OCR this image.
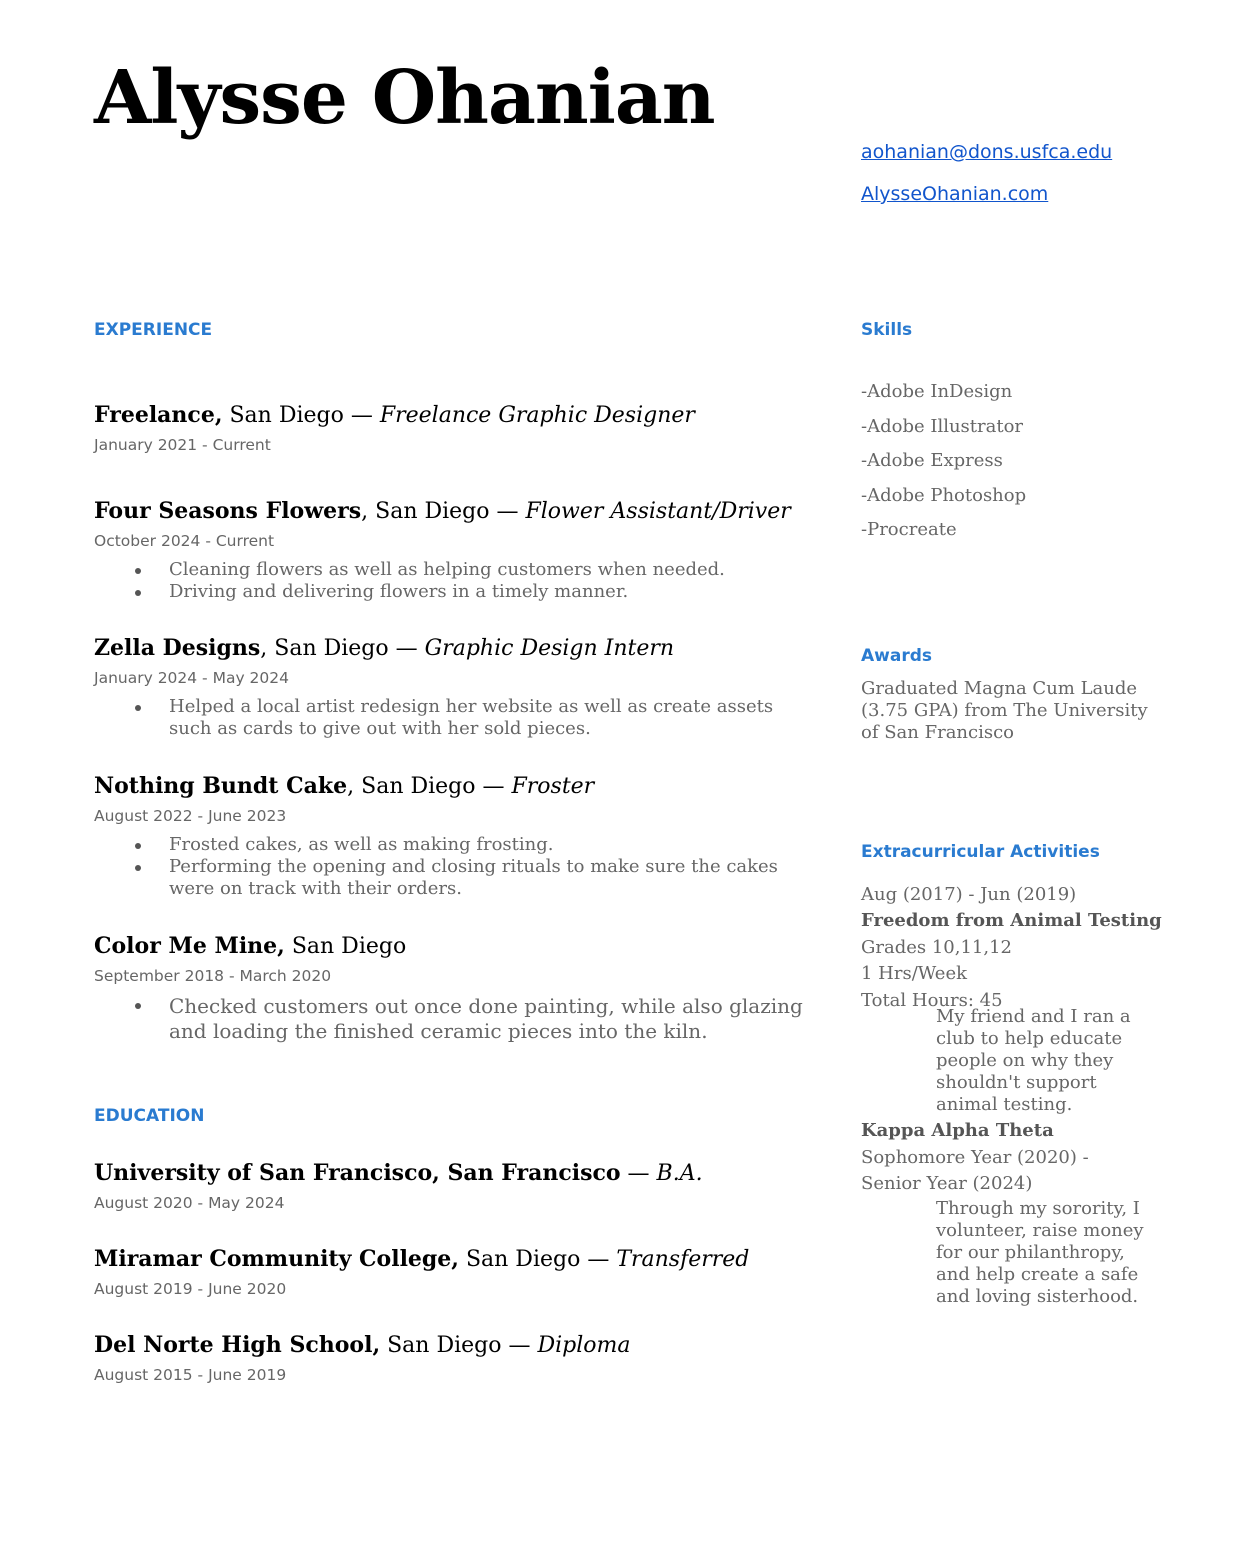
Alysse Ohanian
aohanian@dons.usfca.edu
AlysseOhanian.com
EXPERIENCE

Freelance, San Diego — Freelance Graphic Designer

January 2021 - Current

Four Seasons Flowers, San Diego — Flower Assistant/Driver

October 2024 - Current

Cleaning flowers as well as helping customers when needed.
Driving and delivering flowers in a timely manner.

Zella Designs, San Diego — Graphic Design Intern

January 2024 - May 2024

Helped a local artist redesign her website as well as create assets such as cards to give out with her sold pieces.

Nothing Bundt Cake, San Diego — Froster

August 2022 - June 2023

Frosted cakes, as well as making frosting.
Performing the opening and closing rituals to make sure the cakes were on track with their orders.

Color Me Mine, San Diego

September 2018 - March 2020

Checked customers out once done painting, while also glazing and loading the finished ceramic pieces into the kiln.
EDUCATION

University of San Francisco, San Francisco — B.A.

August 2020 - May 2024

Miramar Community College, San Diego — Transferred

August 2019 - June 2020

Del Norte High School, San Diego — Diploma

August 2015 - June 2019

Skills
-Adobe InDesign
-Adobe Illustrator
-Adobe Express
-Adobe Photoshop
-Procreate
Awards

Graduated Magna Cum Laude (3.75 GPA) from The University of San Francisco

Extracurricular Activities
Aug (2017) - Jun (2019)
Freedom from Animal Testing
Grades 10,11,12
1 Hrs/Week
Total Hours: 45
My friend and I ran a club to help educate people on why they shouldn't support animal testing.
Kappa Alpha Theta
Sophomore Year (2020) -
Senior Year (2024)
Through my sorority, I volunteer, raise money for our philanthropy, and help create a safe and loving sisterhood.
